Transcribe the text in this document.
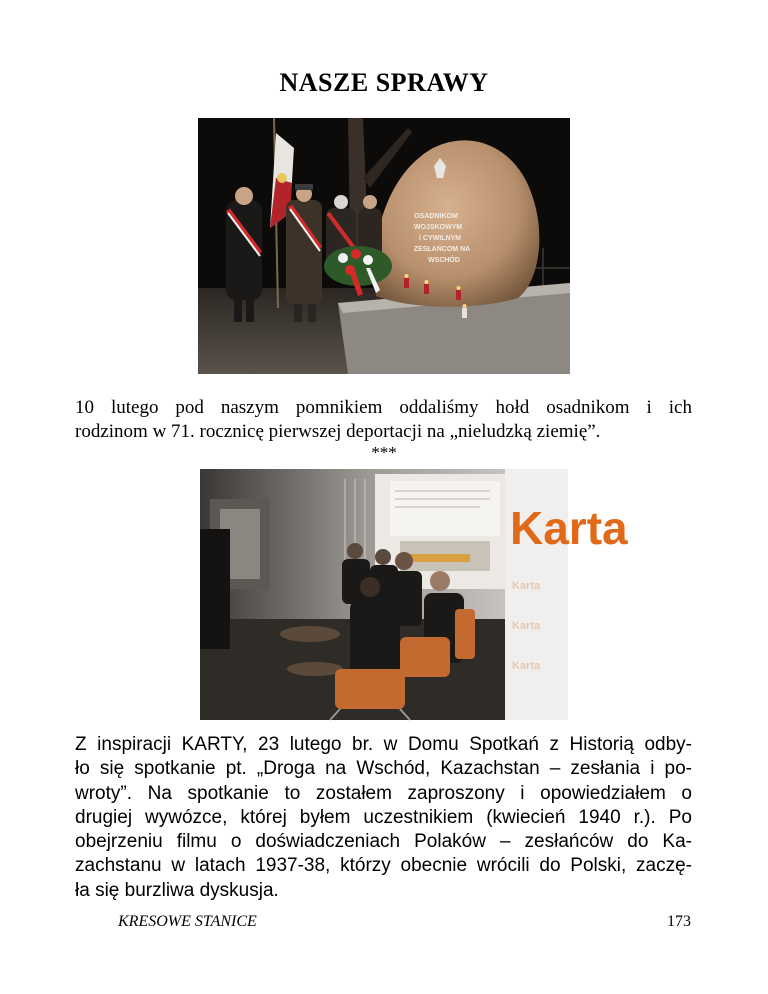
NASZE SPRAWY
OSADNIKOM
WOJSKOWYM
I CYWILNYM
ZESŁAŃCOM NA
WSCHÓD
10 lutego pod naszym pomnikiem oddaliśmy hołd osadnikom i ich
rodzinom w 71. rocznicę pierwszej deportacji na „nieludzką ziemię”.
***
Karta
Karta
Karta
Karta
Z inspiracji KARTY, 23 lutego br. w Domu Spotkań z Historią odby-
ło się spotkanie pt. „Droga na Wschód, Kazachstan – zesłania i po-
wroty”. Na spotkanie to zostałem zaproszony i opowiedziałem o
drugiej wywózce, której byłem uczestnikiem (kwiecień 1940 r.). Po
obejrzeniu filmu o doświadczeniach Polaków – zesłańców do Ka-
zachstanu w latach 1937-38, którzy obecnie wrócili do Polski, zaczę-
ła się burzliwa dyskusja.
KRESOWE STANICE	173
